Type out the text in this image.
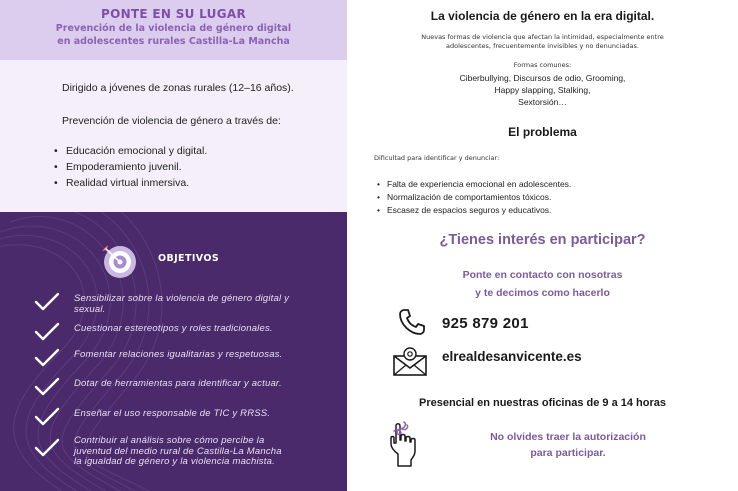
PONTE EN SU LUGAR
Prevención de la violencia de género digital
en adolescentes rurales Castilla-La Mancha
Dirigido a jóvenes de zonas rurales (12–16 años).
Prevención de violencia de género a través de:
• Educación emocional y digital.
• Empoderamiento juvenil.
• Realidad virtual inmersiva.
OBJETIVOS
Sensibilizar sobre la violencia de género digital y
sexual.
Cuestionar estereotipos y roles tradicionales.
Fomentar relaciones igualitarias y respetuosas.
Dotar de herramientas para identificar y actuar.
Enseñar el uso responsable de TIC y RRSS.
Contribuir al análisis sobre cómo percibe la
juventud del medio rural de Castilla-La Mancha
la igualdad de género y la violencia machista.
La violencia de género en la era digital.
Nuevas formas de violencia que afectan la intimidad, especialmente entre
adolescentes, frecuentemente invisibles y no denunciadas.
Formas comunes:
Ciberbullying, Discursos de odio, Grooming,
Happy slapping, Stalking,
Sextorsión…
El problema
Dificultad para identificar y denunciar:
• Falta de experiencia emocional en adolescentes.
• Normalización de comportamientos tóxicos.
• Escasez de espacios seguros y educativos.
¿Tienes interés en participar?
Ponte en contacto con nosotras
y te decimos como hacerlo
925 879 201
elrealdesanvicente.es
Presencial en nuestras oficinas de 9 a 14 horas
No olvides traer la autorización
para participar.
